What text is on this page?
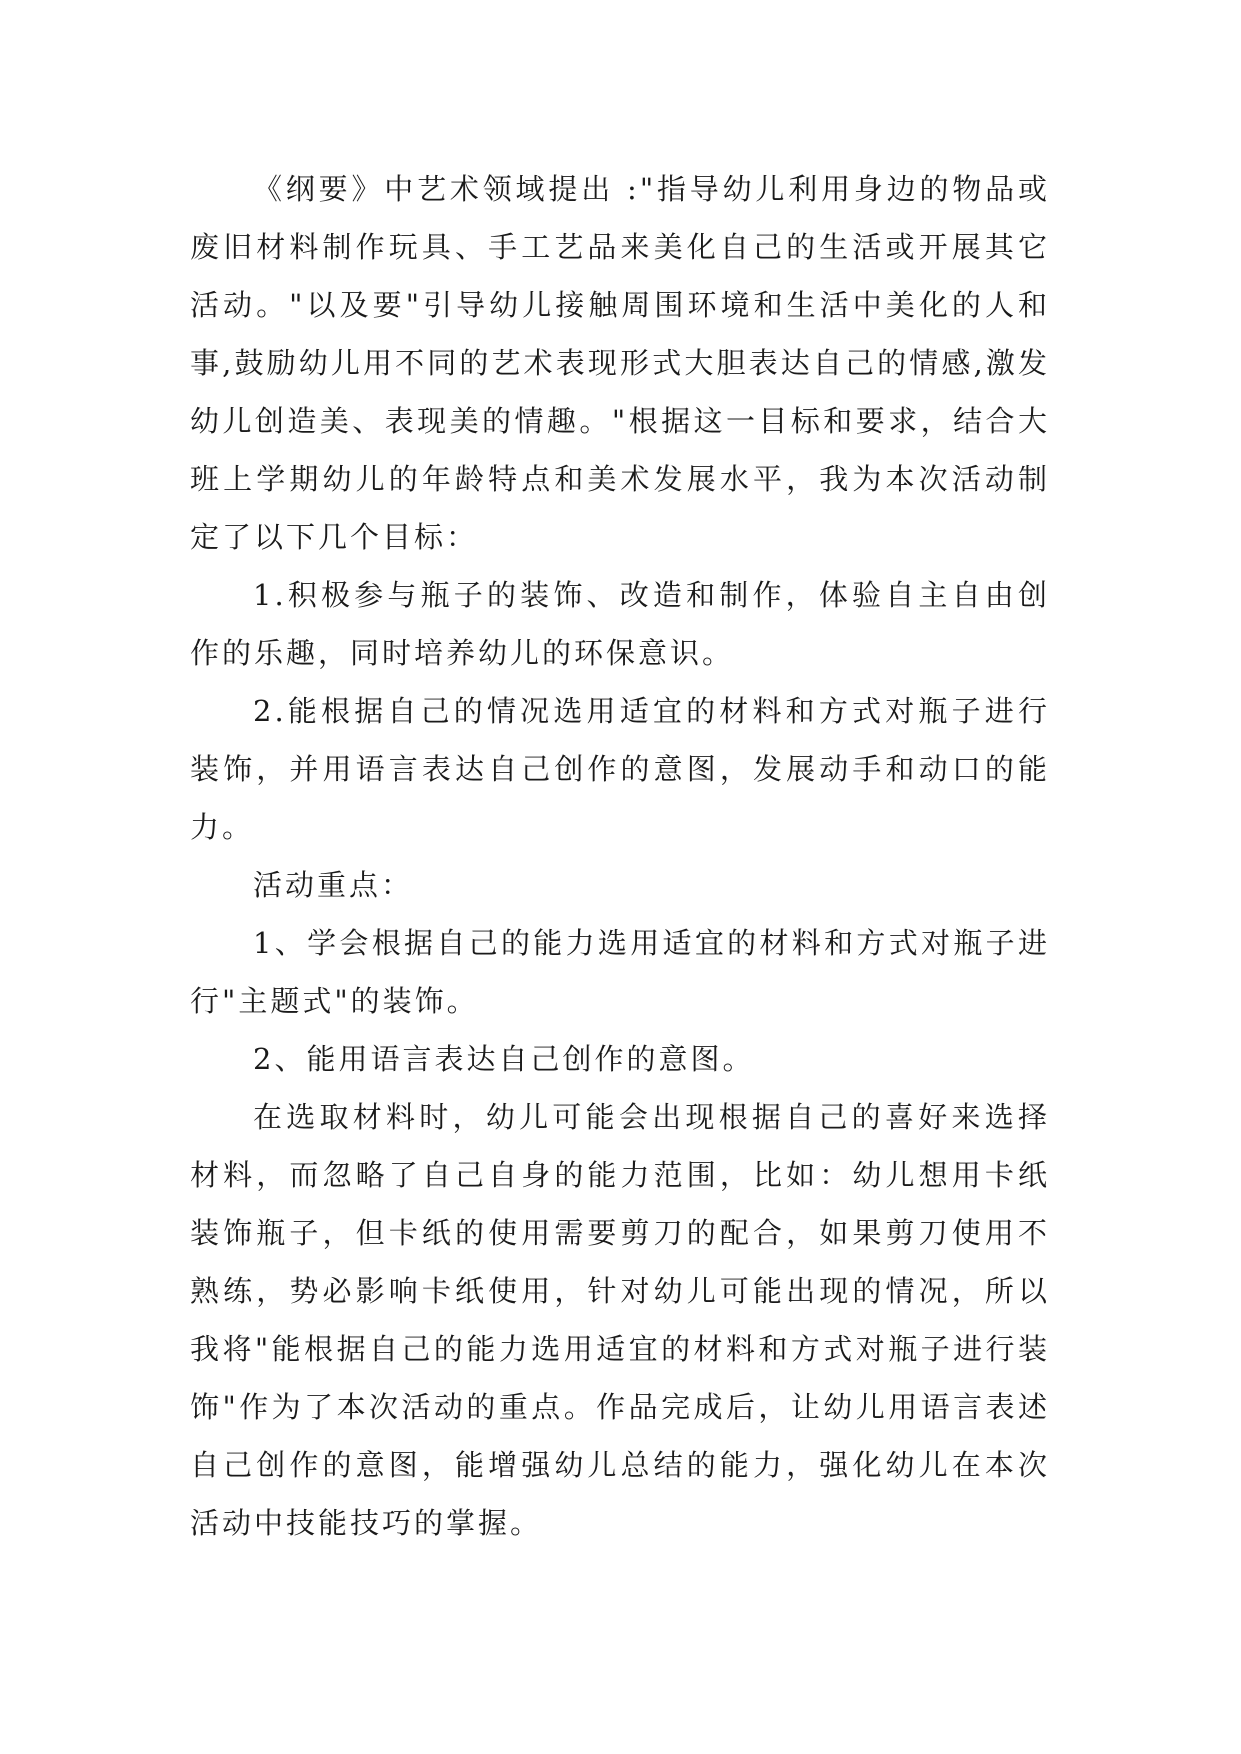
《纲要》中艺术领域提出 :"指导幼儿利用身边的物品或废旧材料制作玩具、手工艺品来美化自己的生活或开展其它活动。"以及要"引导幼儿接触周围环境和生活中美化的人和事,鼓励幼儿用不同的艺术表现形式大胆表达自己的情感,激发幼儿创造美、表现美的情趣。"根据这一目标和要求，结合大班上学期幼儿的年龄特点和美术发展水平，我为本次活动制定了以下几个目标：

1.积极参与瓶子的装饰、改造和制作，体验自主自由创作的乐趣，同时培养幼儿的环保意识。

2.能根据自己的情况选用适宜的材料和方式对瓶子进行装饰，并用语言表达自己创作的意图，发展动手和动口的能力。

活动重点：

1、学会根据自己的能力选用适宜的材料和方式对瓶子进行"主题式"的装饰。

2、能用语言表达自己创作的意图。

在选取材料时，幼儿可能会出现根据自己的喜好来选择材料，而忽略了自己自身的能力范围，比如：幼儿想用卡纸装饰瓶子，但卡纸的使用需要剪刀的配合，如果剪刀使用不熟练，势必影响卡纸使用，针对幼儿可能出现的情况，所以我将"能根据自己的能力选用适宜的材料和方式对瓶子进行装饰"作为了本次活动的重点。作品完成后，让幼儿用语言表述自己创作的意图，能增强幼儿总结的能力，强化幼儿在本次活动中技能技巧的掌握。
